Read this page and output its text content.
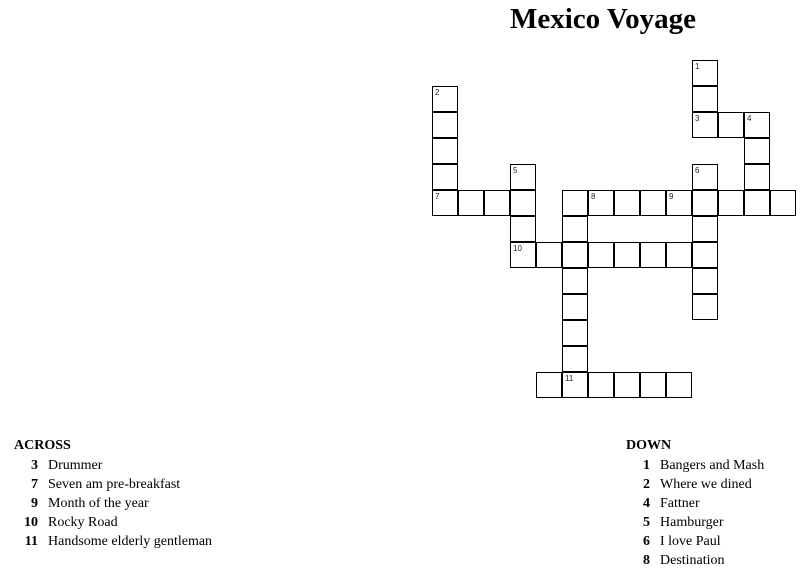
Mexico Voyage
1
3	4
2
7
5
10
8	9
6
11
ACROSS
3 Drummer
7 Seven am pre-breakfast
9 Month of the year
10 Rocky Road
11 Handsome elderly gentleman
DOWN
1 Bangers and Mash
2 Where we dined
4 Fattner
5 Hamburger
6 I love Paul
8 Destination
